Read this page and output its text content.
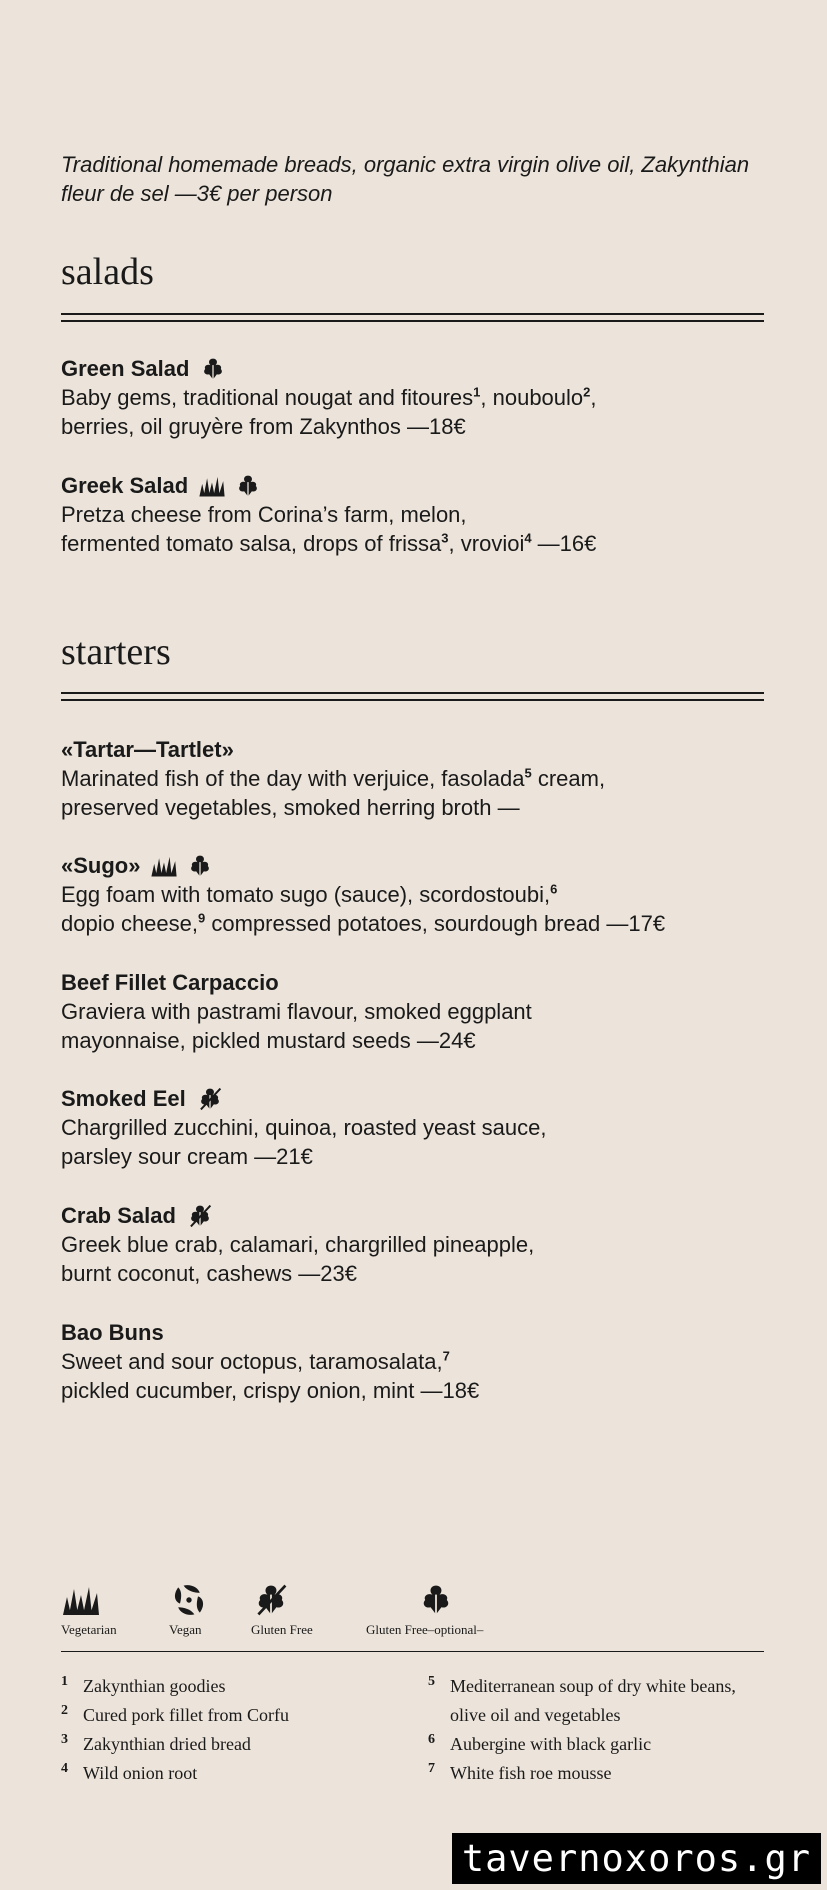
Traditional homemade breads, organic extra virgin olive oil, Zakynthian fleur de sel —3€ per person
salads
Green Salad
Baby gems, traditional nougat and fitoures$^1$, nouboulo$^2$,
berries, oil gruyère from Zakynthos —18€
Greek Salad
Pretza cheese from Corina’s farm, melon,
fermented tomato salsa, drops of frissa$^3$, vrovioi$^4$ —16€
starters
«Tartar—Tartlet»
Marinated fish of the day with verjuice, fasolada$^5$ cream,
preserved vegetables, smoked herring broth —
«Sugo»
Egg foam with tomato sugo (sauce), scordostoubi,$^6$
dopio cheese,$^9$ compressed potatoes, sourdough bread —17€
Beef Fillet Carpaccio
Graviera with pastrami flavour, smoked eggplant
mayonnaise, pickled mustard seeds —24€
Smoked Eel
Chargrilled zucchini, quinoa, roasted yeast sauce,
parsley sour cream —21€
Crab Salad
Greek blue crab, calamari, chargrilled pineapple,
burnt coconut, cashews —23€
Bao Buns
Sweet and sour octopus, taramosalata,$^7$
pickled cucumber, crispy onion, mint —18€
Vegetarian	Vegan	Gluten Free	Gluten Free–optional–
1 Zakynthian goodies
2 Cured pork fillet from Corfu
3 Zakynthian dried bread
4 Wild onion root
5 Mediterranean soup of dry white beans, olive oil and vegetables
6 Aubergine with black garlic
7 White fish roe mousse
tavernoxoros.gr
